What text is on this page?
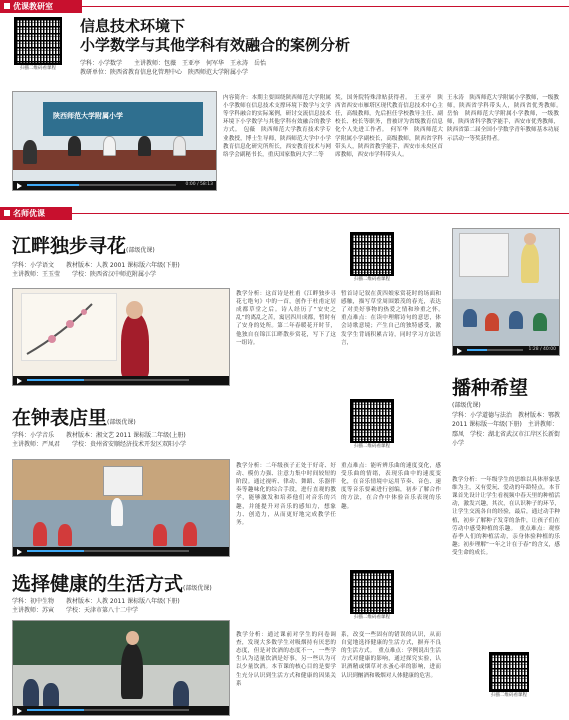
优课教研室
扫描二维码看课程
信息技术环境下
小学数学与其他学科有效融合的案例分析
学科：小学数学　　主讲教师：包薇　王亚亭　何军华　王永涛　岳怡
教研单位：陕西省教育信息化管理中心　陕西师范大学附属小学
陕西师范大学附属小学
0:00 / 58:13
内容简介：本期主要围绕陕西师范大学附属小学教师在信息技术支撑环境下数学与文学等学科融合的实际案例，研讨交流信息技术环境下小学数学与其他学科有效融合的教学方式。　包薇　陕西师范大学教育技术学专业教授，博士生导师，陕西师范大学中小学教育信息化研究所所长，西安教育技术与网络学会副秘书长，重庆国家数码大学二等
奖，国务院特殊津贴获得者。　王亚亭　陕西省西安市雁塔区现代教育信息技术中心主任，高级教师，先后担任学校教导主任、副校长、校长等职务，曾被评为省级教育信息化个人先进工作者。　何军华　陕西师范大学附属小学副校长，高级教师，陕西省学科带头人，陕西省教学能手，西安市未央区首席教师，西安市学科带头人。
王永涛　陕西师范大学附属小学教师，一级教师，陕西省学科带头人，陕西省优秀教师。　岳怡　陕西师范大学附属小学教师，一级教师，陕西省科学教学能手，西安市优秀教师，陕西省第二届全国小学数学青年教师基本功展示活动一等奖获得者。
名师优课
江畔独步寻花(部级优课)
学科：小学语文　　教材版本：人教 2001 课标版六年级(下册)
主讲教师：王玉莹　　学校：陕西省汉中师范附属小学
扫描二维码看课程
教学分析：这首诗是杜甫《江畔独步寻花七绝句》中的一首，创作于杜甫定居成都草堂之后。诗人经历了“安史之乱”的离乱之苦，寓居四川成都，暂时有了安身的处所。第二年春暖花开时节，他独自在锦江江畔散步赏花，写下了这一组诗。
暂首诗记叙在黄四娘家赏花时的场面和感触，描写草堂周围繁茂的春光，表达了对美好事物的热爱之情和珍重之怀。　重点难点：在读中理解诗句的意思，体会诗歌意境；产生自己的独特感受，激发学生背诵积累古诗，同时学习方法语言，
1:28 / 40:00
在钟表店里(部级优课)
学科：小学音乐　　教材版本：湘文艺 2011 课标版二年级(上册)
主讲教师：严凤君　　学校：贵州省安顺经济技术开发区双阳小学	扫描二维码看课程
教学分析：二年级孩子正处于好奇、好动、模仿力强、注意力集中时间较短的阶段。通过视听、律动、舞蹈、乐器伴奏等趣味化的综合手段，进行直观的教学，能够激发和培养他们对音乐的兴趣，并能提升对音乐的感知力，想象力、创造力，从而更好地完成教学任务。
重点难点：能听辨乐曲的速度变化，感受乐曲的情绪，表现乐曲中的速度变化，在音乐情境中运用节奏、音色、速度等音乐要素进行创编，初步了解合作的方法，在合作中体验音乐表现的乐趣。
播种希望
(部级优课)
学科：小学道德与法治　教材版本：鄂教 2011 课标版一年级(下册)　主讲教师：鄢凤　学校：湖北省武汉市江岸区长新街小学
教学分析：一年级学生的思维以具体形象思维为主，又有爱玩、爱动的年龄特点。本节课首先设计让学生看视频中春天里的种植活动，激发兴趣，其次，在认识种子的环节，让学生交流各自的经验，最后，通过动手种植，初步了解种子发芽的条件，让孩子们在劳动中感受种植的乐趣。　重点难点：观察春季人们的种植活动，亲身体验种植的乐趣；初步理解“一年之计在于春”的含义，感受生命的成长。
扫描二维码看课程
选择健康的生活方式(部级优课)
学科：初中生物　　教材版本：人教 2011 课标版八年级(下册)
主讲教师：苏寅　　学校：天津市第八十二中学
扫描二维码看课程
教学分析：通过课前对学生的问卷调查，发现大多数学生对吸烟持有厌恶的态度，但是对饮酒的态度不一，一些学生认为适量饮酒是好事，另一些认为可以少量饮酒。本节课的核心目的是要学生充分认识到生活方式和健康的因果关系
系，改变一些固有的错误的认识，从而自觉地选择健康的生活方式，摒弃不良的生活方式。　重点难点：学例说出生活方式对健康的影响，通过探究实验，认识酒精或烟草对水蚤心率的影响，进而认识到酗酒和吸烟对人体健康的危害。
